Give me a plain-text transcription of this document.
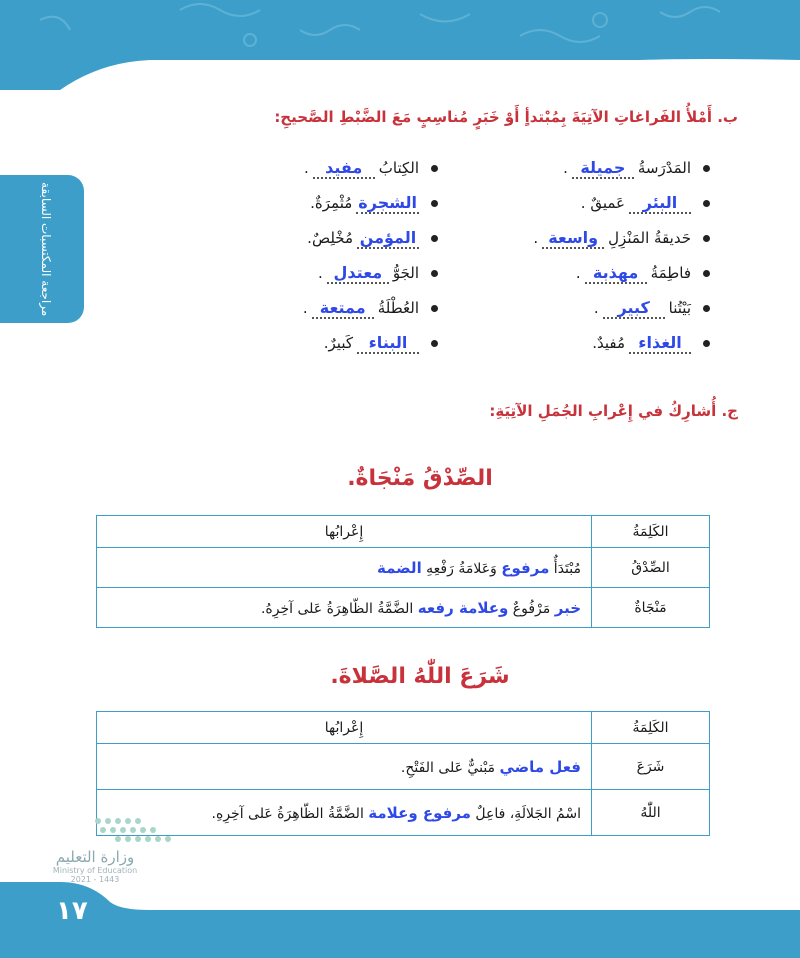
مراجعة المكتسبات السابقة
ب. أَمْلأُ الفَراغاتِ الآتِيَةَ بِمُبْتدأٍ أَوْ خَبَرٍ مُناسِبٍ مَعَ الضَّبْطِ الصَّحيحِ:
المَدْرَسةُ
جميلة
.
البئر
عَميقٌ .
حَديقةُ المَنْزِلِ
واسعة
.
فاطِمَةُ
مهذبة
.
بَيْتُنا
كبير
.
الغذاء
مُفيدٌ.
الكِتابُ
مفيد
.
الشجرة
مُثْمِرَةٌ.
المؤمن
مُخْلِصٌ.
الجَوُّ
معتدل
.
العُطْلَةُ
ممتعة
.
البناء
كَبيرٌ.
ج. أُشارِكُ في إِعْرابِ الجُمَلِ الآتِيَةِ:
الصِّدْقُ مَنْجَاةٌ.
الكَلِمَةُ	إِعْرابُها
الصِّدْقُ	مُبْتَدَأٌ مرفوع وَعَلامَةُ رَفْعِهِ الضمة
مَنْجَاةٌ	خبر مَرْفُوعٌ وعلامة رفعه الضَّمَّةُ الظّاهِرَةُ عَلى آخِرِهُ.
شَرَعَ اللّٰهُ الصَّلاةَ.
الكَلِمَةُ	إِعْرابُها
شَرَعَ	فعل ماضي مَبْنيٌّ عَلى الفَتْحِ.
اللّٰهُ	اسْمُ الجَلالَةِ، فاعِلٌ مرفوع وعلامة الضَّمَّةُ الظّاهِرَةُ عَلى آخِرِهِ.
وزارة التعليم
Ministry of Education
2021 - 1443
١٧
